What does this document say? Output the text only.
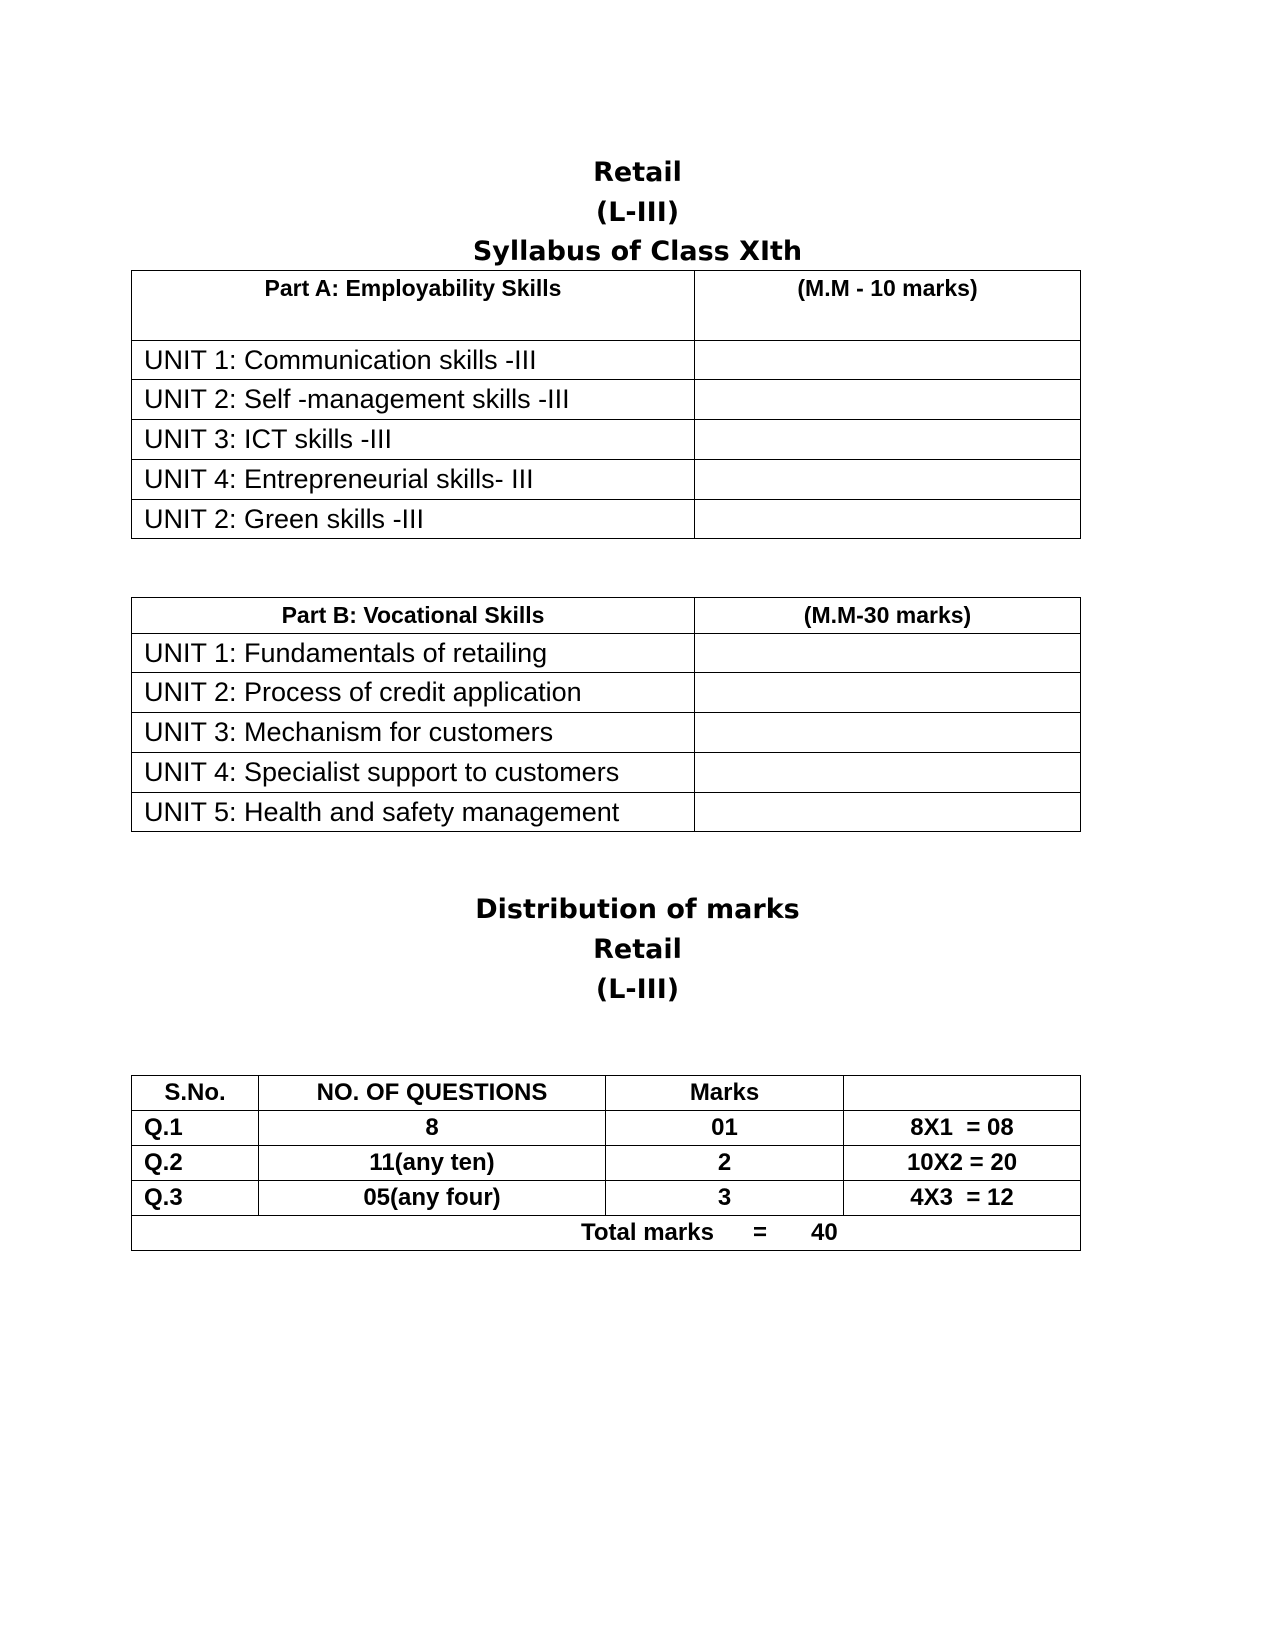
Retail
(L-III)
Syllabus of Class XIth
Part A: Employability Skills	(M.M - 10 marks)
UNIT 1: Communication skills -III	
UNIT 2: Self -management skills -III	
UNIT 3: ICT skills -III	
UNIT 4: Entrepreneurial skills- III	
UNIT 2: Green skills -III	
Part B: Vocational Skills	(M.M-30 marks)
UNIT 1: Fundamentals of retailing	
UNIT 2: Process of credit application	
UNIT 3: Mechanism for customers	
UNIT 4: Specialist support to customers	
UNIT 5: Health and safety management	
Distribution of marks
Retail
(L-III)
S.No.	NO. OF QUESTIONS	Marks	
Q.1	8	01	8X1  = 08
Q.2	11(any ten)	2	10X2 = 20
Q.3	05(any four)	3	4X3  = 12

Total marks = 40			
